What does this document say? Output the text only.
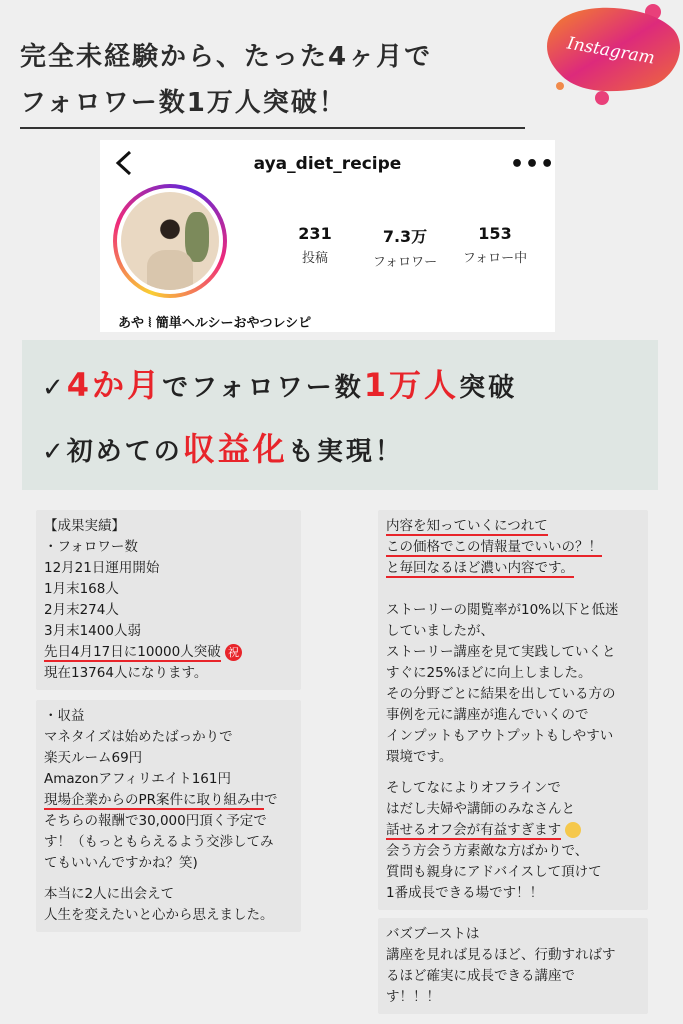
完全未経験から、たった4ヶ月で
フォロワー数1万人突破！
Instagram
aya_diet_recipe	•••
231
投稿
7.3万
フォロワー
153
フォロー中
あや ⦚ 簡単ヘルシーおやつレシピ
✓4か月でフォロワー数1万人突破
✓初めての収益化も実現！
【成果実績】
・フォロワー数
12月21日運用開始
1月末168人
2月末274人
3月末1400人弱
先日4月17日に10000人突破 祝
現在13764人になります。
・収益
マネタイズは始めたばっかりで
楽天ルーム69円
Amazonアフィリエイト161円
現場企業からのPR案件に取り組み中で
そちらの報酬で30,000円頂く予定で
す！（もっともらえるよう交渉してみ
てもいいんですかね？笑)
本当に2人に出会えて
人生を変えたいと心から思えました。
内容を知っていくにつれて
この価格でこの情報量でいいの？！
と毎回なるほど濃い内容です。
ストーリーの閲覧率が10%以下と低迷
していましたが、
ストーリー講座を見て実践していくと
すぐに25%ほどに向上しました。
その分野ごとに結果を出している方の
事例を元に講座が進んでいくので
インプットもアウトプットもしやすい
環境です。
そしてなによりオフラインで
はだし夫婦や講師のみなさんと
話せるオフ会が有益すぎます
会う方会う方素敵な方ばかりで、
質問も親身にアドバイスして頂けて
1番成長できる場です！！
バズブーストは
講座を見れば見るほど、行動すればす
るほど確実に成長できる講座で
す！！！
